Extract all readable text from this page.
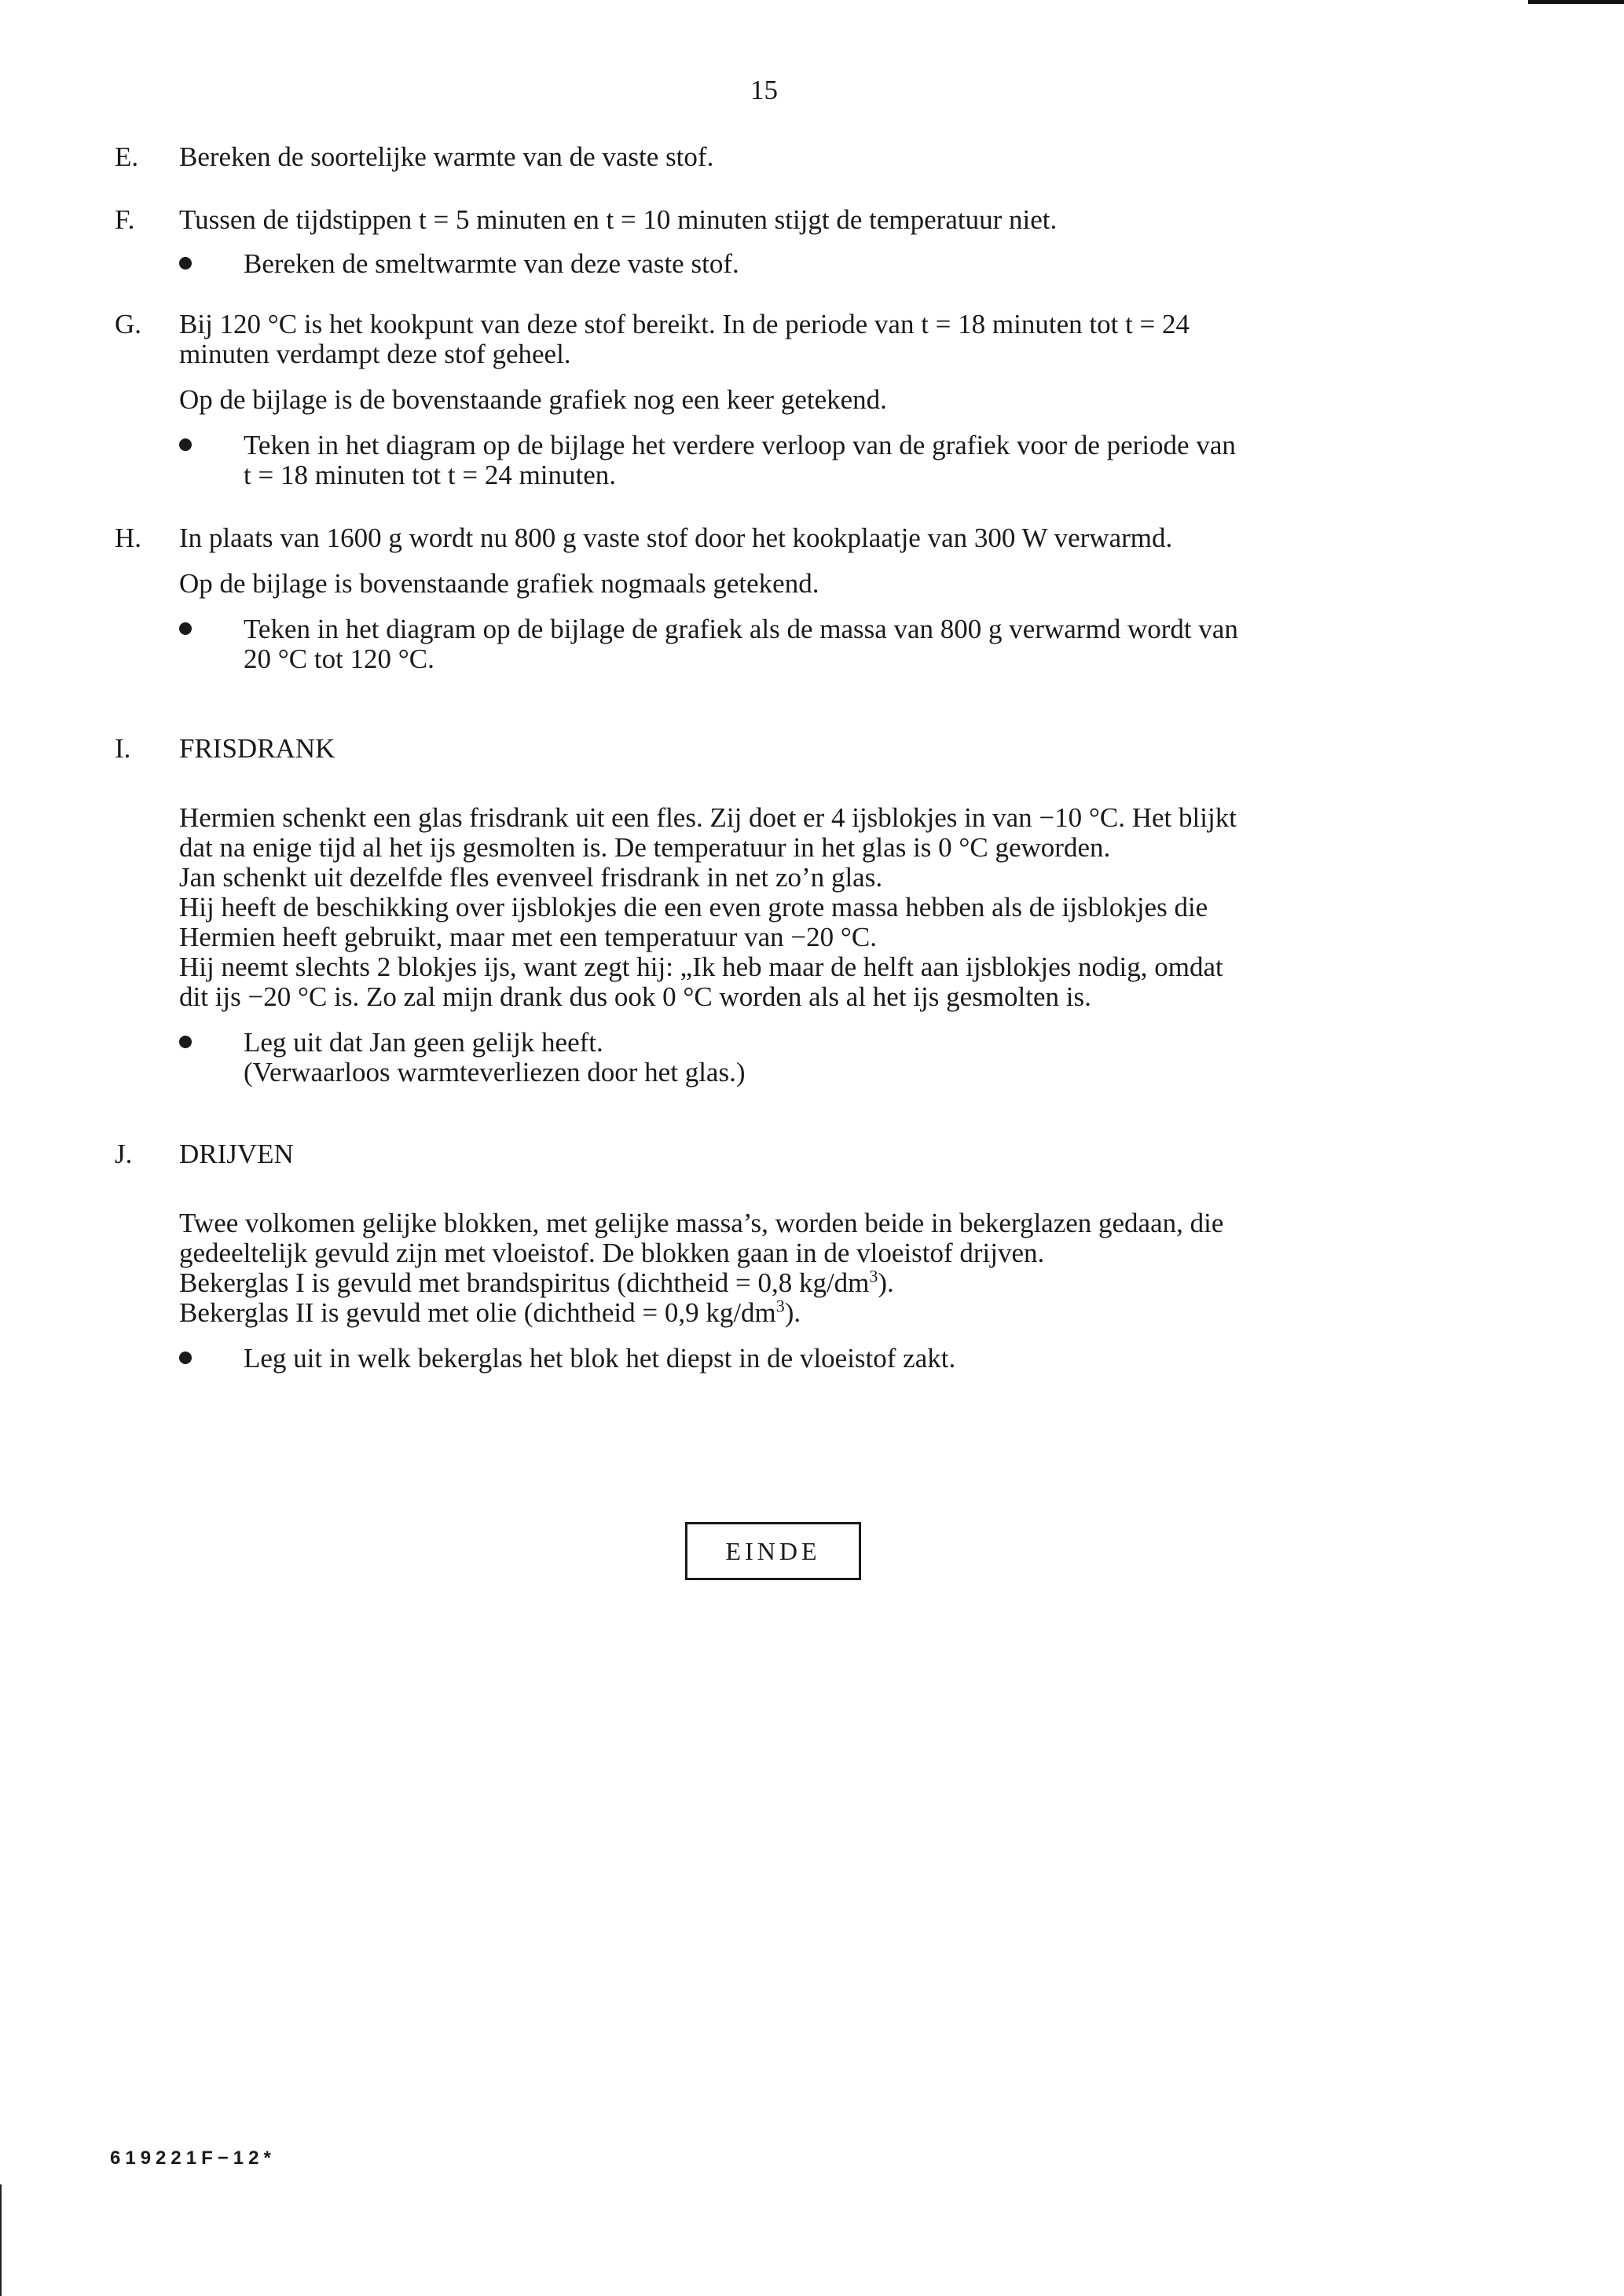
15
E. Bereken de soortelijke warmte van de vaste stof.

F. Tussen de tijdstippen t = 5 minuten en t = 10 minuten stijgt de temperatuur niet.

Bereken de smeltwarmte van deze vaste stof.
G. Bij 120 °C is het kookpunt van deze stof bereikt. In de periode van t = 18 minuten tot t = 24

minuten verdampt deze stof geheel.

Op de bijlage is de bovenstaande grafiek nog een keer getekend.

Teken in het diagram op de bijlage het verdere verloop van de grafiek voor de periode van
t = 18 minuten tot t = 24 minuten.
H. In plaats van 1600 g wordt nu 800 g vaste stof door het kookplaatje van 300 W verwarmd.

Op de bijlage is bovenstaande grafiek nogmaals getekend.

Teken in het diagram op de bijlage de grafiek als de massa van 800 g verwarmd wordt van
20 °C tot 120 °C.
I. FRISDRANK

Hermien schenkt een glas frisdrank uit een fles. Zij doet er 4 ijsblokjes in van −10 °C. Het blijkt

dat na enige tijd al het ijs gesmolten is. De temperatuur in het glas is 0 °C geworden.

Jan schenkt uit dezelfde fles evenveel frisdrank in net zo’n glas.

Hij heeft de beschikking over ijsblokjes die een even grote massa hebben als de ijsblokjes die

Hermien heeft gebruikt, maar met een temperatuur van −20 °C.

Hij neemt slechts 2 blokjes ijs, want zegt hij: „Ik heb maar de helft aan ijsblokjes nodig, omdat

dit ijs −20 °C is. Zo zal mijn drank dus ook 0 °C worden als al het ijs gesmolten is.

Leg uit dat Jan geen gelijk heeft.
(Verwaarloos warmteverliezen door het glas.)
J. DRIJVEN

Twee volkomen gelijke blokken, met gelijke massa’s, worden beide in bekerglazen gedaan, die

gedeeltelijk gevuld zijn met vloeistof. De blokken gaan in de vloeistof drijven.

Bekerglas I is gevuld met brandspiritus (dichtheid = 0,8 $kg/dm^3$).

Bekerglas II is gevuld met olie (dichtheid = 0,9 $kg/dm^3$).

Leg uit in welk bekerglas het blok het diepst in de vloeistof zakt.
EINDE
619221F−12*
